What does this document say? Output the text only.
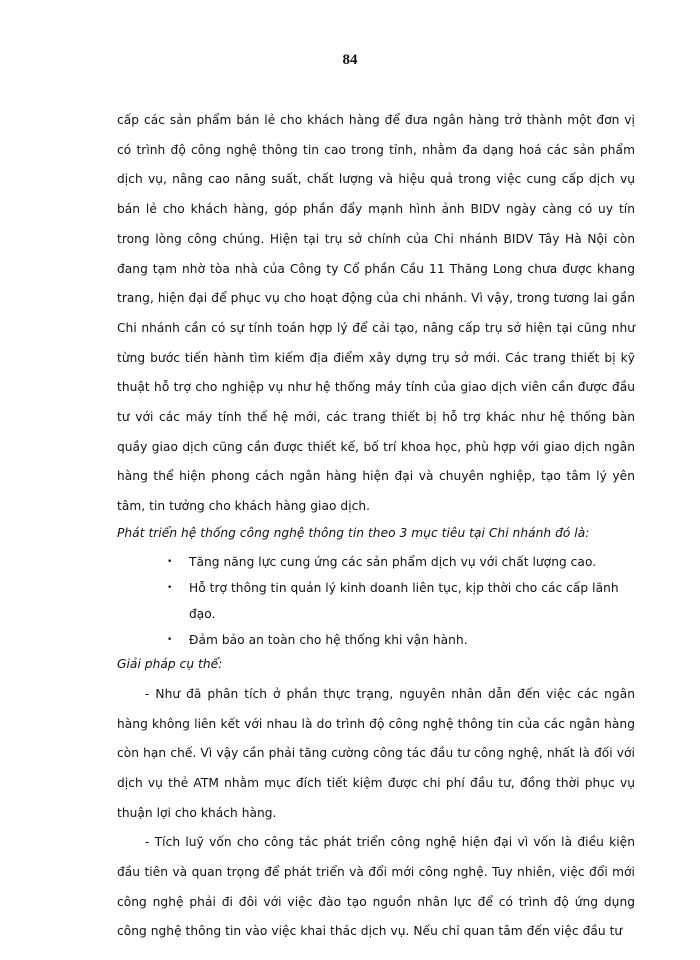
84

cấp các sản phẩm bán lẻ cho khách hàng để đưa ngân hàng trở thành một đơn vị có trình độ công nghệ thông tin cao trong tỉnh, nhằm đa dạng hoá các sản phẩm dịch vụ, nâng cao năng suất, chất lượng và hiệu quả trong việc cung cấp dịch vụ bán lẻ cho khách hàng, góp phần đẩy mạnh hình ảnh BIDV ngày càng có uy tín trong lòng công chúng. Hiện tại trụ sở chính của Chi nhánh BIDV Tây Hà Nội còn đang tạm nhờ tòa nhà của Công ty Cổ phần Cầu 11 Thăng Long chưa được khang trang, hiện đại để phục vụ cho hoạt động của chi nhánh. Vì vậy, trong tương lai gần Chi nhánh cần có sự tính toán hợp lý để cải tạo, nâng cấp trụ sở hiện tại cũng như từng bước tiến hành tìm kiếm địa điểm xây dựng trụ sở mới. Các trang thiết bị kỹ thuật hỗ trợ cho nghiệp vụ như hệ thống máy tính của giao dịch viên cần được đầu tư với các máy tính thế hệ mới, các trang thiết bị hỗ trợ khác như hệ thống bàn quầy giao dịch cũng cần được thiết kế, bố trí khoa học, phù hợp với giao dịch ngân hàng thể hiện phong cách ngân hàng hiện đại và chuyên nghiệp, tạo tâm lý yên tâm, tin tưởng cho khách hàng giao dịch.

Phát triển hệ thống công nghệ thông tin theo 3 mục tiêu tại Chi nhánh đó là:

• Tăng năng lực cung ứng các sản phẩm dịch vụ với chất lượng cao.
• Hỗ trợ thông tin quản lý kinh doanh liên tục, kịp thời cho các cấp lãnh đạo.
• Đảm bảo an toàn cho hệ thống khi vận hành.

Giải pháp cụ thể:

- Như đã phân tích ở phần thực trạng, nguyên nhân dẫn đến việc các ngân hàng không liên kết với nhau là do trình độ công nghệ thông tin của các ngân hàng còn hạn chế. Vì vậy cần phải tăng cường công tác đầu tư công nghệ, nhất là đối với dịch vụ thẻ ATM nhằm mục đích tiết kiệm được chi phí đầu tư, đồng thời phục vụ thuận lợi cho khách hàng.

- Tích luỹ vốn cho công tác phát triển công nghệ hiện đại vì vốn là điều kiện đầu tiên và quan trọng để phát triển và đổi mới công nghệ. Tuy nhiên, việc đổi mới công nghệ phải đi đôi với việc đào tạo nguồn nhân lực để có trình độ ứng dụng công nghệ thông tin vào việc khai thác dịch vụ. Nếu chỉ quan tâm đến việc đầu tư
